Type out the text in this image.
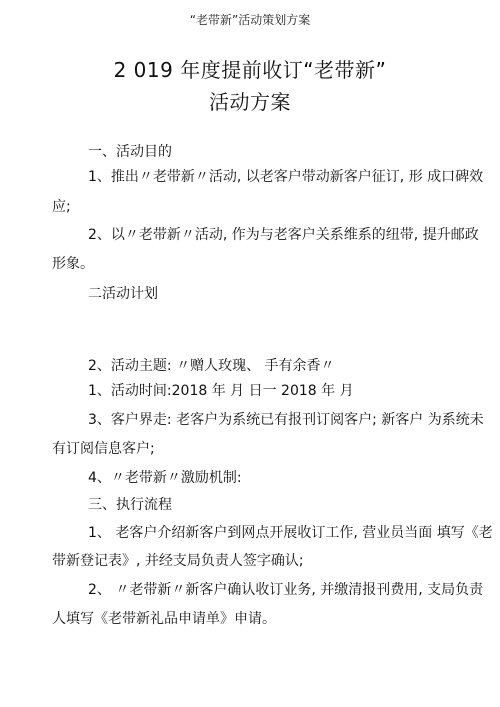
“老带新”活动策划方案
2 019 年度提前收订“老带新”
活动方案
一、活动目的
1、推出〃老带新〃活动, 以老客户带动新客户征订, 形 成口碑效
应;
2、以〃老带新〃活动, 作为与老客户关系维系的纽带, 提升邮政
形象。
二活动计划
2、活动主题: 〃赠人玫瑰、 手有余香〃
1、活动时间:2018 年 月 日一 2018 年 月
3、客户界走: 老客户为系统已有报刊订阅客户; 新客户 为系统未
有订阅信息客户;
4、〃老带新〃激励机制:
三、执行流程
1、 老客户介绍新客户到网点开展收订工作, 营业员当面 填写《老
带新登记表》, 并经支局负责人签字确认;
2、 〃老带新〃新客户确认收订业务, 并缴清报刊费用, 支局负责
人填写《老带新礼品申请单》申请。
